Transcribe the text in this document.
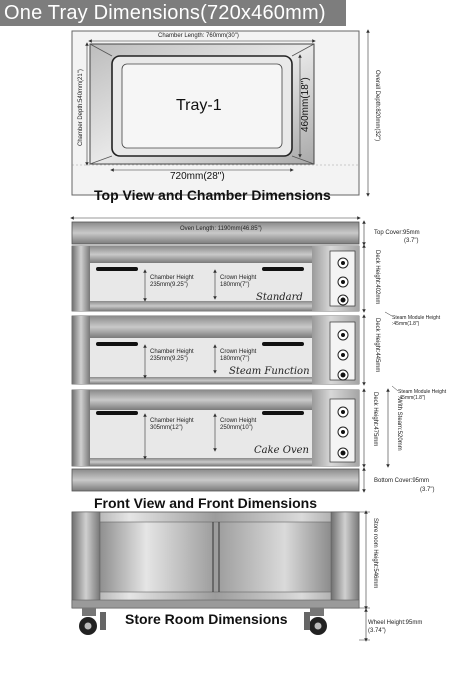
One Tray Dimensions(720x460mm)
Chamber Length: 760mm(30")
Chamber Depth:540mm(21")	Overall Depth:820mm(32")
Tray-1
720mm(28")
460mm(18")
Top View and Chamber Dimensions
Oven Length: 1190mm(46.85")
Top Cover:95mm
(3.7")
Deck Height:402mm
Steam Module Height
:45mm(1.8")
Deck Height:445mm
Steam Module Height
:45mm(1.8")
Deck Height:475mm	With Steam:520mm
Bottom Cover:95mm
(3.7")
Chamber Height
235mm(9.25")
Crown Height
180mm(7")
Standard
Chamber Height
235mm(9.25")
Crown Height
180mm(7")
Steam Function
Chamber Height
305mm(12")
Crown Height
250mm(10")
Cake Oven
Front View and Front Dimensions
Store room Height:546mm
Wheel Height:95mm
(3.74")
Store Room Dimensions
